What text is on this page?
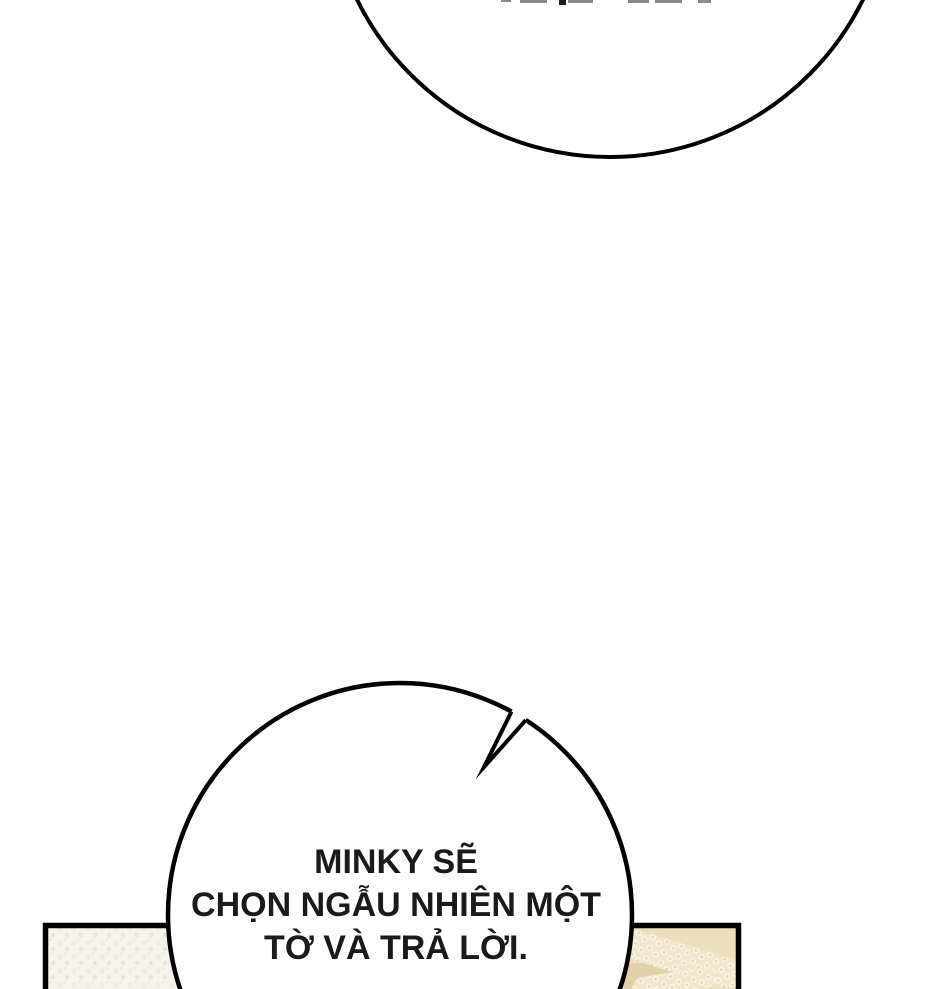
MINKY SẼ
CHỌN NGẪU NHIÊN MỘT
TỜ VÀ TRẢ LỜI.
